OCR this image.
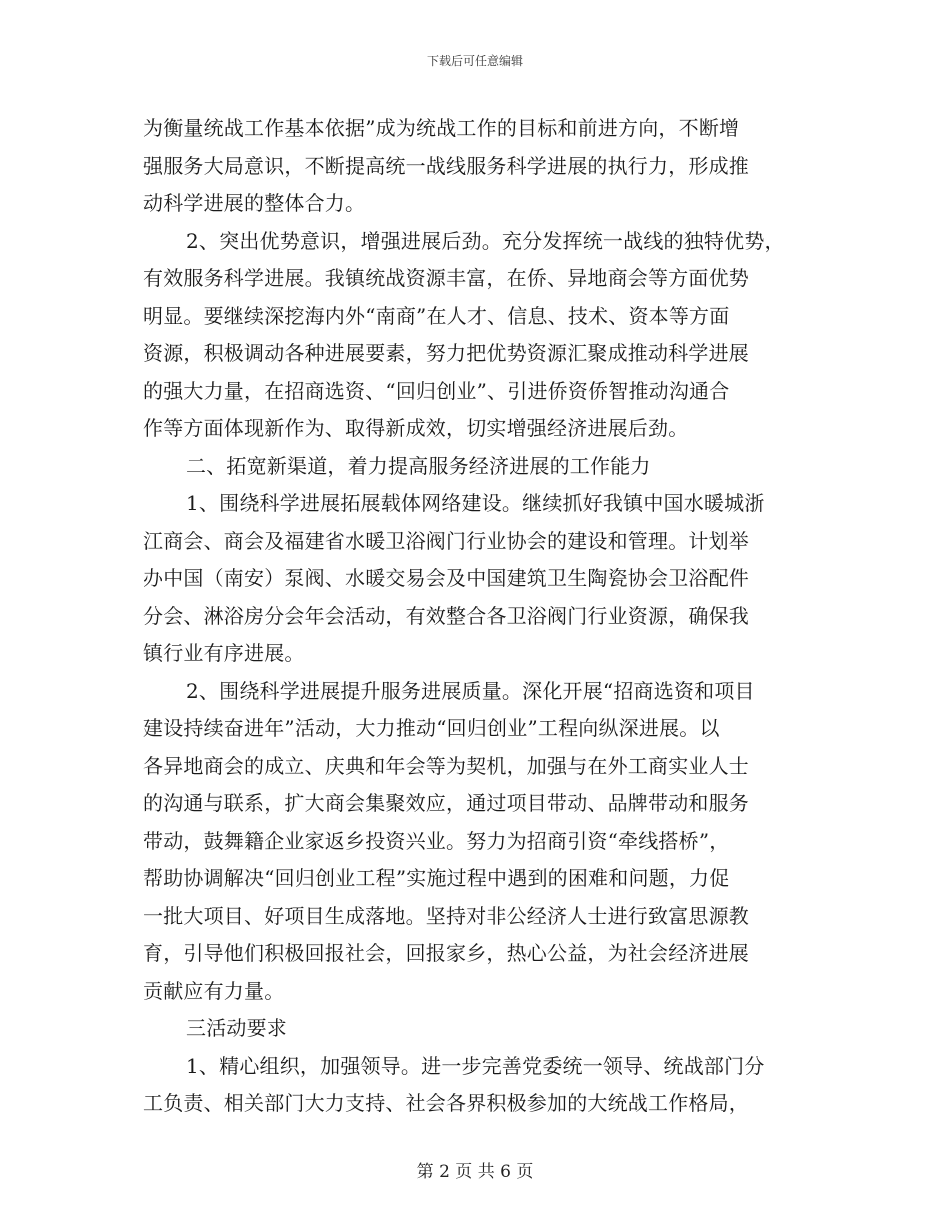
下载后可任意编辑
为衡量统战工作基本依据”成为统战工作的目标和前进方向，不断增
强服务大局意识，不断提高统一战线服务科学进展的执行力，形成推
动科学进展的整体合力。
2、突出优势意识，增强进展后劲。充分发挥统一战线的独特优势，
有效服务科学进展。我镇统战资源丰富，在侨、异地商会等方面优势
明显。要继续深挖海内外“南商”在人才、信息、技术、资本等方面
资源，积极调动各种进展要素，努力把优势资源汇聚成推动科学进展
的强大力量，在招商选资、“回归创业”、引进侨资侨智推动沟通合
作等方面体现新作为、取得新成效，切实增强经济进展后劲。
二、拓宽新渠道，着力提高服务经济进展的工作能力
1、围绕科学进展拓展载体网络建设。继续抓好我镇中国水暖城浙
江商会、商会及福建省水暖卫浴阀门行业协会的建设和管理。计划举
办中国（南安）泵阀、水暖交易会及中国建筑卫生陶瓷协会卫浴配件
分会、淋浴房分会年会活动，有效整合各卫浴阀门行业资源，确保我
镇行业有序进展。
2、围绕科学进展提升服务进展质量。深化开展“招商选资和项目
建设持续奋进年”活动，大力推动“回归创业”工程向纵深进展。以
各异地商会的成立、庆典和年会等为契机，加强与在外工商实业人士
的沟通与联系，扩大商会集聚效应，通过项目带动、品牌带动和服务
带动，鼓舞籍企业家返乡投资兴业。努力为招商引资“牵线搭桥”，
帮助协调解决“回归创业工程”实施过程中遇到的困难和问题，力促
一批大项目、好项目生成落地。坚持对非公经济人士进行致富思源教
育，引导他们积极回报社会，回报家乡，热心公益，为社会经济进展
贡献应有力量。
三活动要求
1、精心组织，加强领导。进一步完善党委统一领导、统战部门分
工负责、相关部门大力支持、社会各界积极参加的大统战工作格局，
第 2 页 共 6 页
